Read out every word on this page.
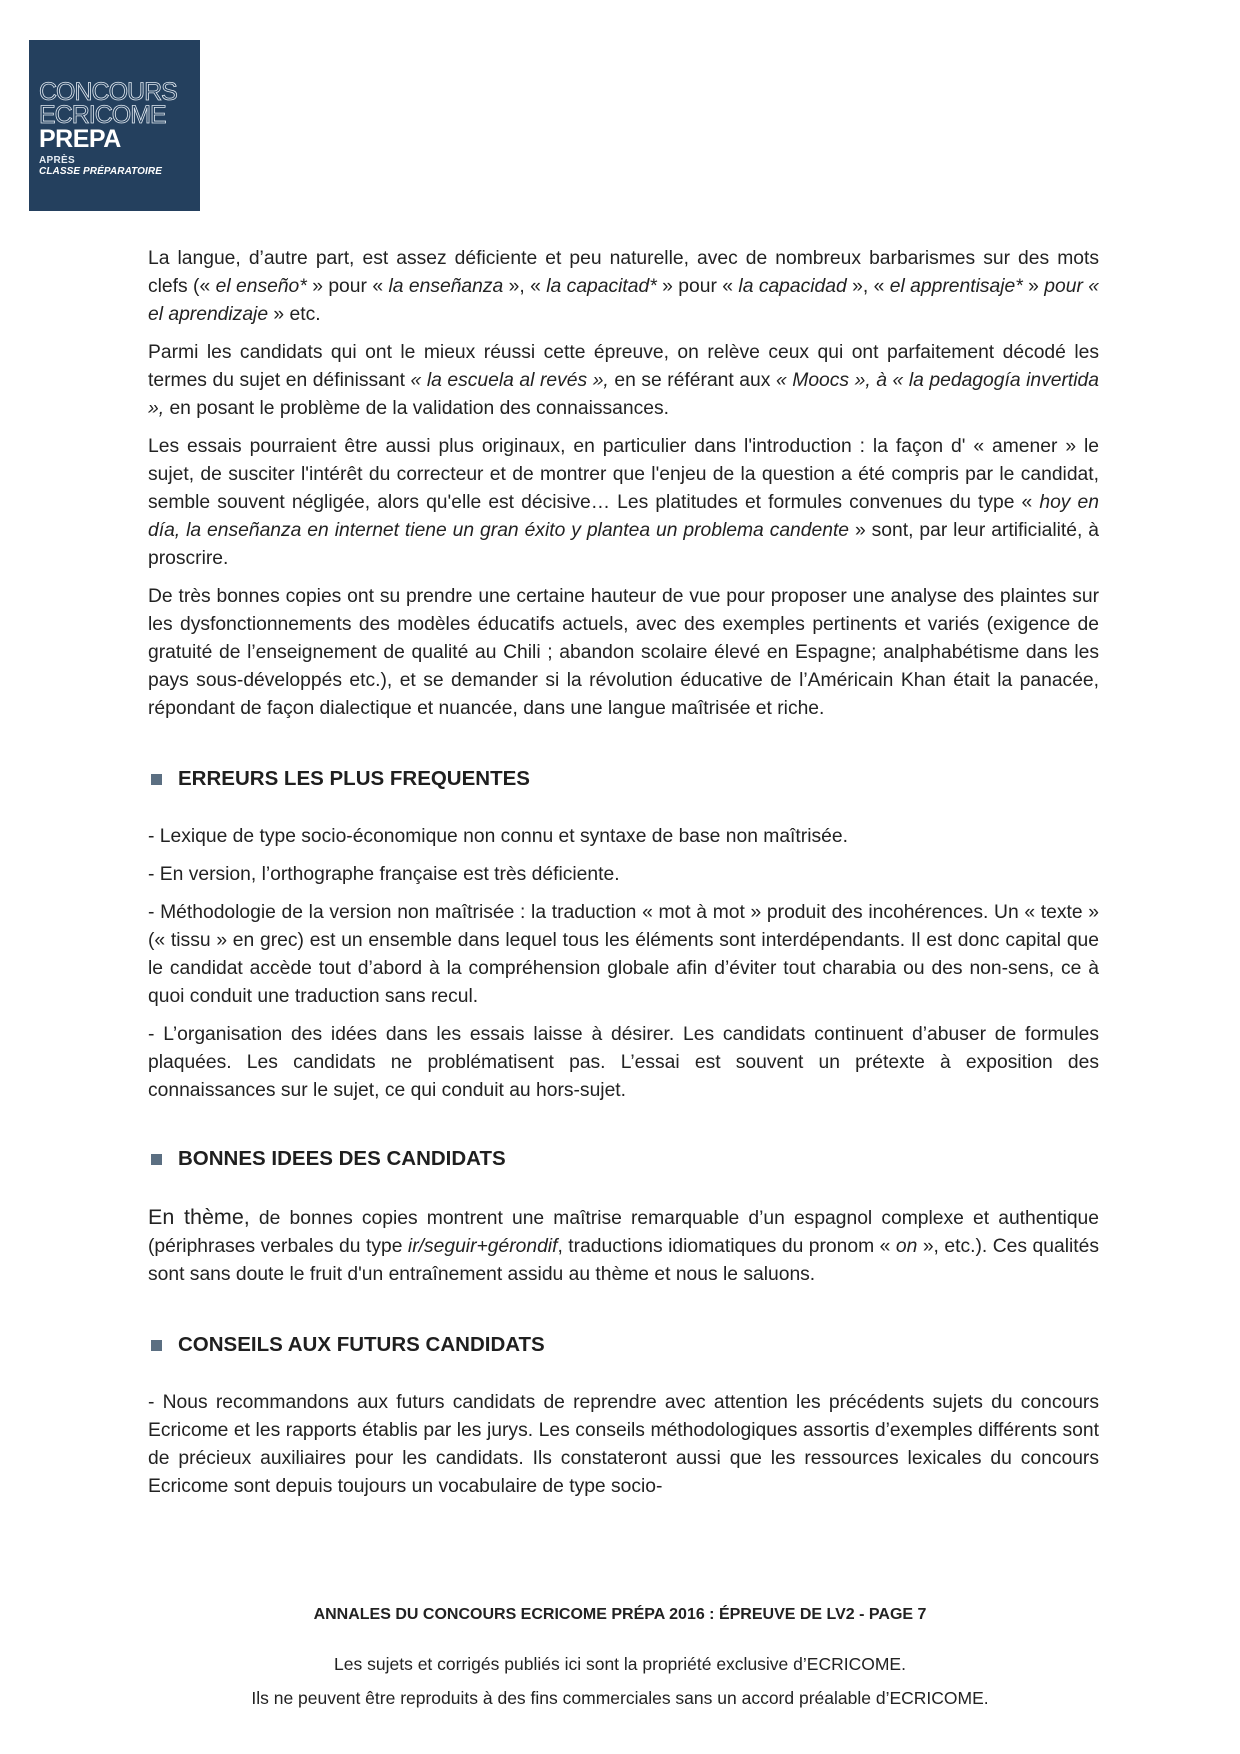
CONCOURS
ECRICOME
PREPA
APRÈS
CLASSE PRÉPARATOIRE

La langue, d’autre part, est assez déficiente et peu naturelle, avec de nombreux barbarismes sur des mots clefs (« el enseño* » pour « la enseñanza », « la capacitad* » pour « la capacidad », « el apprentisaje* » pour « el aprendizaje » etc.

Parmi les candidats qui ont le mieux réussi cette épreuve, on relève ceux qui ont parfaitement décodé les termes du sujet en définissant « la escuela al revés », en se référant aux « Moocs », à « la pedagogía invertida », en posant le problème de la validation des connaissances.

Les essais pourraient être aussi plus originaux, en particulier dans l'introduction : la façon d' « amener » le sujet, de susciter l'intérêt du correcteur et de montrer que l'enjeu de la question a été compris par le candidat, semble souvent négligée, alors qu'elle est décisive… Les platitudes et formules convenues du type « hoy en día, la enseñanza en internet tiene un gran éxito y plantea un problema candente » sont, par leur artificialité, à proscrire.

De très bonnes copies ont su prendre une certaine hauteur de vue pour proposer une analyse des plaintes sur les dysfonctionnements des modèles éducatifs actuels, avec des exemples pertinents et variés (exigence de gratuité de l’enseignement de qualité au Chili ; abandon scolaire élevé en Espagne; analphabétisme dans les pays sous-développés etc.), et se demander si la révolution éducative de l’Américain Khan était la panacée, répondant de façon dialectique et nuancée, dans une langue maîtrisée et riche.

ERREURS LES PLUS FREQUENTES

- Lexique de type socio-économique non connu et syntaxe de base non maîtrisée.

- En version, l’orthographe française est très déficiente.

- Méthodologie de la version non maîtrisée : la traduction « mot à mot » produit des incohérences. Un « texte » (« tissu » en grec) est un ensemble dans lequel tous les éléments sont interdépendants. Il est donc capital que le candidat accède tout d’abord à la compréhension globale afin d’éviter tout charabia ou des non-sens, ce à quoi conduit une traduction sans recul.

- L’organisation des idées dans les essais laisse à désirer. Les candidats continuent d’abuser de formules plaquées. Les candidats ne problématisent pas. L’essai est souvent un prétexte à exposition des connaissances sur le sujet, ce qui conduit au hors-sujet.

BONNES IDEES DES CANDIDATS

En thème, de bonnes copies montrent une maîtrise remarquable d’un espagnol complexe et authentique (périphrases verbales du type ir/seguir+gérondif, traductions idiomatiques du pronom « on », etc.). Ces qualités sont sans doute le fruit d'un entraînement assidu au thème et nous le saluons.

CONSEILS AUX FUTURS CANDIDATS

- Nous recommandons aux futurs candidats de reprendre avec attention les précédents sujets du concours Ecricome et les rapports établis par les jurys. Les conseils méthodologiques assortis d’exemples différents sont de précieux auxiliaires pour les candidats. Ils constateront aussi que les ressources lexicales du concours Ecricome sont depuis toujours un vocabulaire de type socio-

ANNALES DU CONCOURS ECRICOME PRÉPA 2016 : ÉPREUVE DE LV2 - PAGE 7
Les sujets et corrigés publiés ici sont la propriété exclusive d’ECRICOME.
Ils ne peuvent être reproduits à des fins commerciales sans un accord préalable d’ECRICOME.
